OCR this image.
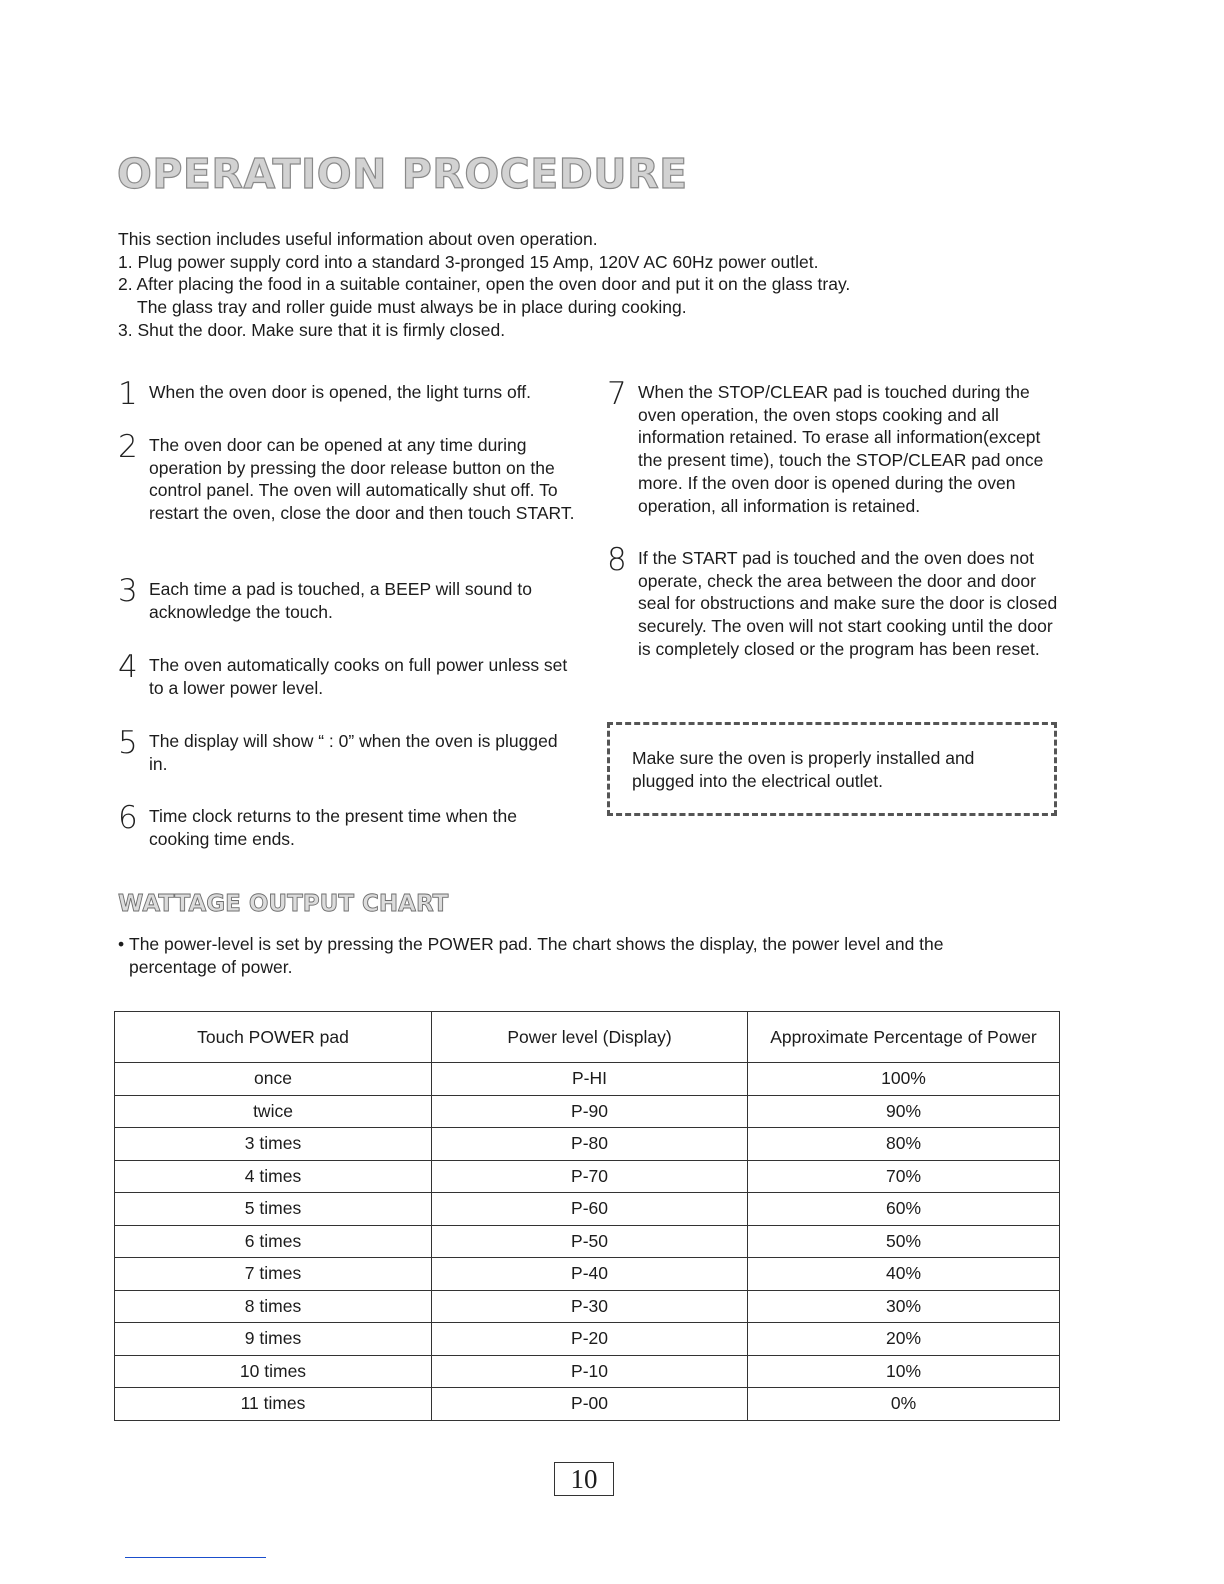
OPERATION PROCEDURE

This section includes useful information about oven operation.

1. Plug power supply cord into a standard 3-pronged 15 Amp, 120V AC 60Hz power outlet.

2. After placing the food in a suitable container, open the oven door and put it on the glass tray.

The glass tray and roller guide must always be in place during cooking.

3. Shut the door. Make sure that it is firmly closed.

1 When the oven door is opened, the light turns off.
2 The oven door can be opened at any time during operation by pressing the door release button on the control panel. The oven will automatically shut off. To restart the oven, close the door and then touch START.
3 Each time a pad is touched, a BEEP will sound to acknowledge the touch.
4 The oven automatically cooks on full power unless set to a lower power level.
5 The display will show “ : 0” when the oven is plugged in.
6 Time clock returns to the present time when the cooking time ends.
7 When the STOP/CLEAR pad is touched during the oven operation, the oven stops cooking and all information retained. To erase all information(except the present time), touch the STOP/CLEAR pad once more. If the oven door is opened during the oven operation, all information is retained.
8 If the START pad is touched and the oven does not operate, check the area between the door and door seal for obstructions and make sure the door is closed securely. The oven will not start cooking until the door is completely closed or the program has been reset.
Make sure the oven is properly installed and plugged into the electrical outlet.
WATTAGE OUTPUT CHART
• The power-level is set by pressing the POWER pad. The chart shows the display, the power level and the
percentage of power.
Touch POWER pad	Power level (Display)	Approximate Percentage of Power
once	P-HI	100%
twice	P-90	90%
3 times	P-80	80%
4 times	P-70	70%
5 times	P-60	60%
6 times	P-50	50%
7 times	P-40	40%
8 times	P-30	30%
9 times	P-20	20%
10 times	P-10	10%
11 times	P-00	0%
10
